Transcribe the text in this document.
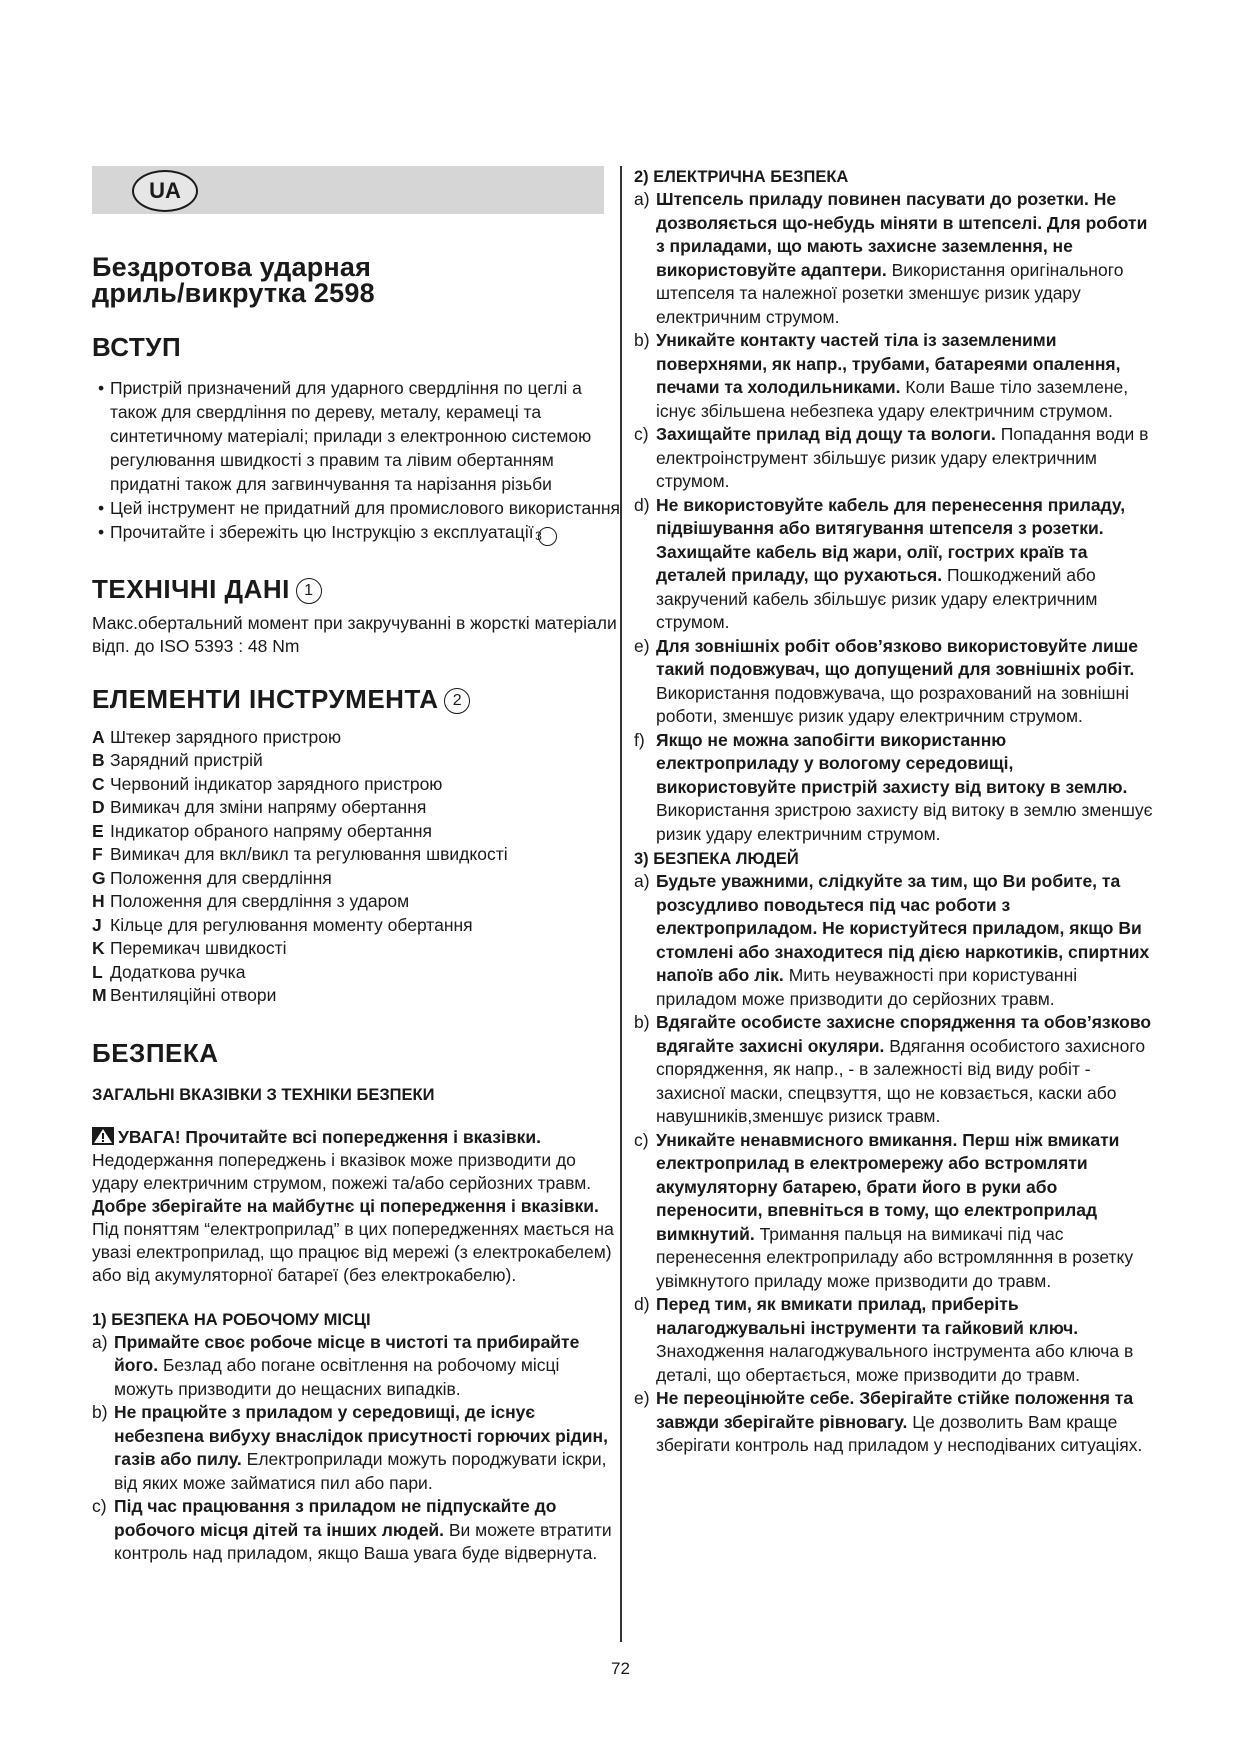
UA
Бездротова ударная
дриль/викрутка 2598
ВСТУП
• Пристрій призначений для ударного свердління по цеглі а також для свердління по дереву, металу, керамеці та синтетичному матеріалі; прилади з електронною системою регулювання швидкості з правим та лівим обертанням придатні також для загвинчування та нарізання різьби
• Цей інструмент не придатний для промислового використання
• Прочитайте і збережіть цю Інструкцію з експлуатації 3
ТЕХНІЧНІ ДАНІ 1

Макс.обертальний момент при закручуванні в жорсткі матеріали відп. до ISO 5393 : 48 Nm

ЕЛЕМЕНТИ ІНСТРУМЕНТА 2
A Штекер зарядного пристрою
B Зарядний пристрій
C Червоний індикатор зарядного пристрою
D Вимикач для зміни напряму обертання
E Індикатор обраного напряму обертання
F Вимикач для вкл/викл та регулювання швидкості
G Положення для свердління
H Положення для свердління з ударом
J Кільце для регулювання моменту обертання
K Перемикач швидкості
L Додаткова ручка
M Вентиляційні отвори
БЕЗПЕКА
ЗАГАЛЬНІ ВКАЗІВКИ З ТЕХНІКИ БЕЗПЕКИ

УВАГА! Прочитайте всі попередження і вказівки. Недодержання попереджень і вказівок може призводити до удару електричним струмом, пожежі та/або серйозних травм. Добре зберігайте на майбутнє ці попередження і вказівки. Під поняттям “електроприлад” в цих попередженнях мається на увазі електроприлад, що працює від мережі (з електрокабелем) або від акумуляторної батареї (без електрокабелю).

1) БЕЗПЕКА НА РОБОЧОМУ МІСЦІ

a) Примайте своє робоче місце в чистоті та прибирайте його. Безлад або погане освітлення на робочому місці можуть призводити до нещасних випадків.

b) Не працюйте з приладом у середовищі, де існує небезпена вибуху внаслідок присутності горючих рідин, газів або пилу. Електроприлади можуть породжувати іскри, від яких може займатися пил або пари.

c) Під час працювання з приладом не підпускайте до робочого місця дітей та інших людей. Ви можете втратити контроль над приладом, якщо Ваша увага буде відвернута.

2) ЕЛЕКТРИЧНА БЕЗПЕКА

a) Штепсель приладу повинен пасувати до розетки. Не дозволяється що-небудь міняти в штепселі. Для роботи з приладами, що мають захисне заземлення, не використовуйте адаптери. Використання оригінального штепселя та належної розетки зменшує ризик удару електричним струмом.

b) Уникайте контакту частей тіла із заземленими поверхнями, як напр., трубами, батареями опалення, печами та холодильниками. Коли Ваше тіло заземлене, існує збільшена небезпека удару електричним струмом.

c) Захищайте прилад від дощу та вологи. Попадання води в електроінструмент збільшує ризик удару електричним струмом.

d) Не використовуйте кабель для перенесення приладу, підвішування або витягування штепселя з розетки. Захищайте кабель від жари, олії, гострих країв та деталей приладу, що рухаються. Пошкоджений або закручений кабель збільшує ризик удару електричним струмом.

e) Для зовнішніх робіт обов’язково використовуйте лише такий подовжувач, що допущений для зовнішніх робіт. Використання подовжувача, що розрахований на зовнішні роботи, зменшує ризик удару електричним струмом.

f) Якщо не можна запобігти використанню електроприладу у вологому середовищі, використовуйте пристрій захисту від витоку в землю. Використання зристрою захисту від витоку в землю зменшує ризик удару електричним струмом.

3) БЕЗПЕКА ЛЮДЕЙ

a) Будьте уважними, слідкуйте за тим, що Ви робите, та розсудливо поводьтеся під час роботи з електроприладом. Не користуйтеся приладом, якщо Ви стомлені або знаходитеся під дією наркотиків, спиртних напоїв або лік. Мить неуважності при користуванні приладом може призводити до серйозних травм.

b) Вдягайте особисте захисне спорядження та обов’язково вдягайте захисні окуляри. Вдягання особистого захисного спорядження, як напр., - в залежності від виду робіт - захисної маски, спецвзуття, що не ковзається, каски або навушників,зменшує ризиск травм.

c) Уникайте ненавмисного вмикання. Перш ніж вмикати електроприлад в електромережу або встромляти акумуляторну батарею, брати його в руки або переносити, впевніться в тому, що електроприлад вимкнутий. Тримання пальця на вимикачі під час перенесення електроприладу або встромлянння в розетку увімкнутого приладу може призводити до травм.

d) Перед тим, як вмикати прилад, приберіть налагоджувальні інструменти та гайковий ключ. Знаходження налагоджувального інструмента або ключа в деталі, що обертається, може призводити до травм.

e) Не переоцінюйте себе. Зберігайте стійке положення та завжди зберігайте рівновагу. Це дозволить Вам краще зберігати контроль над приладом у несподіваних ситуаціях.

72
